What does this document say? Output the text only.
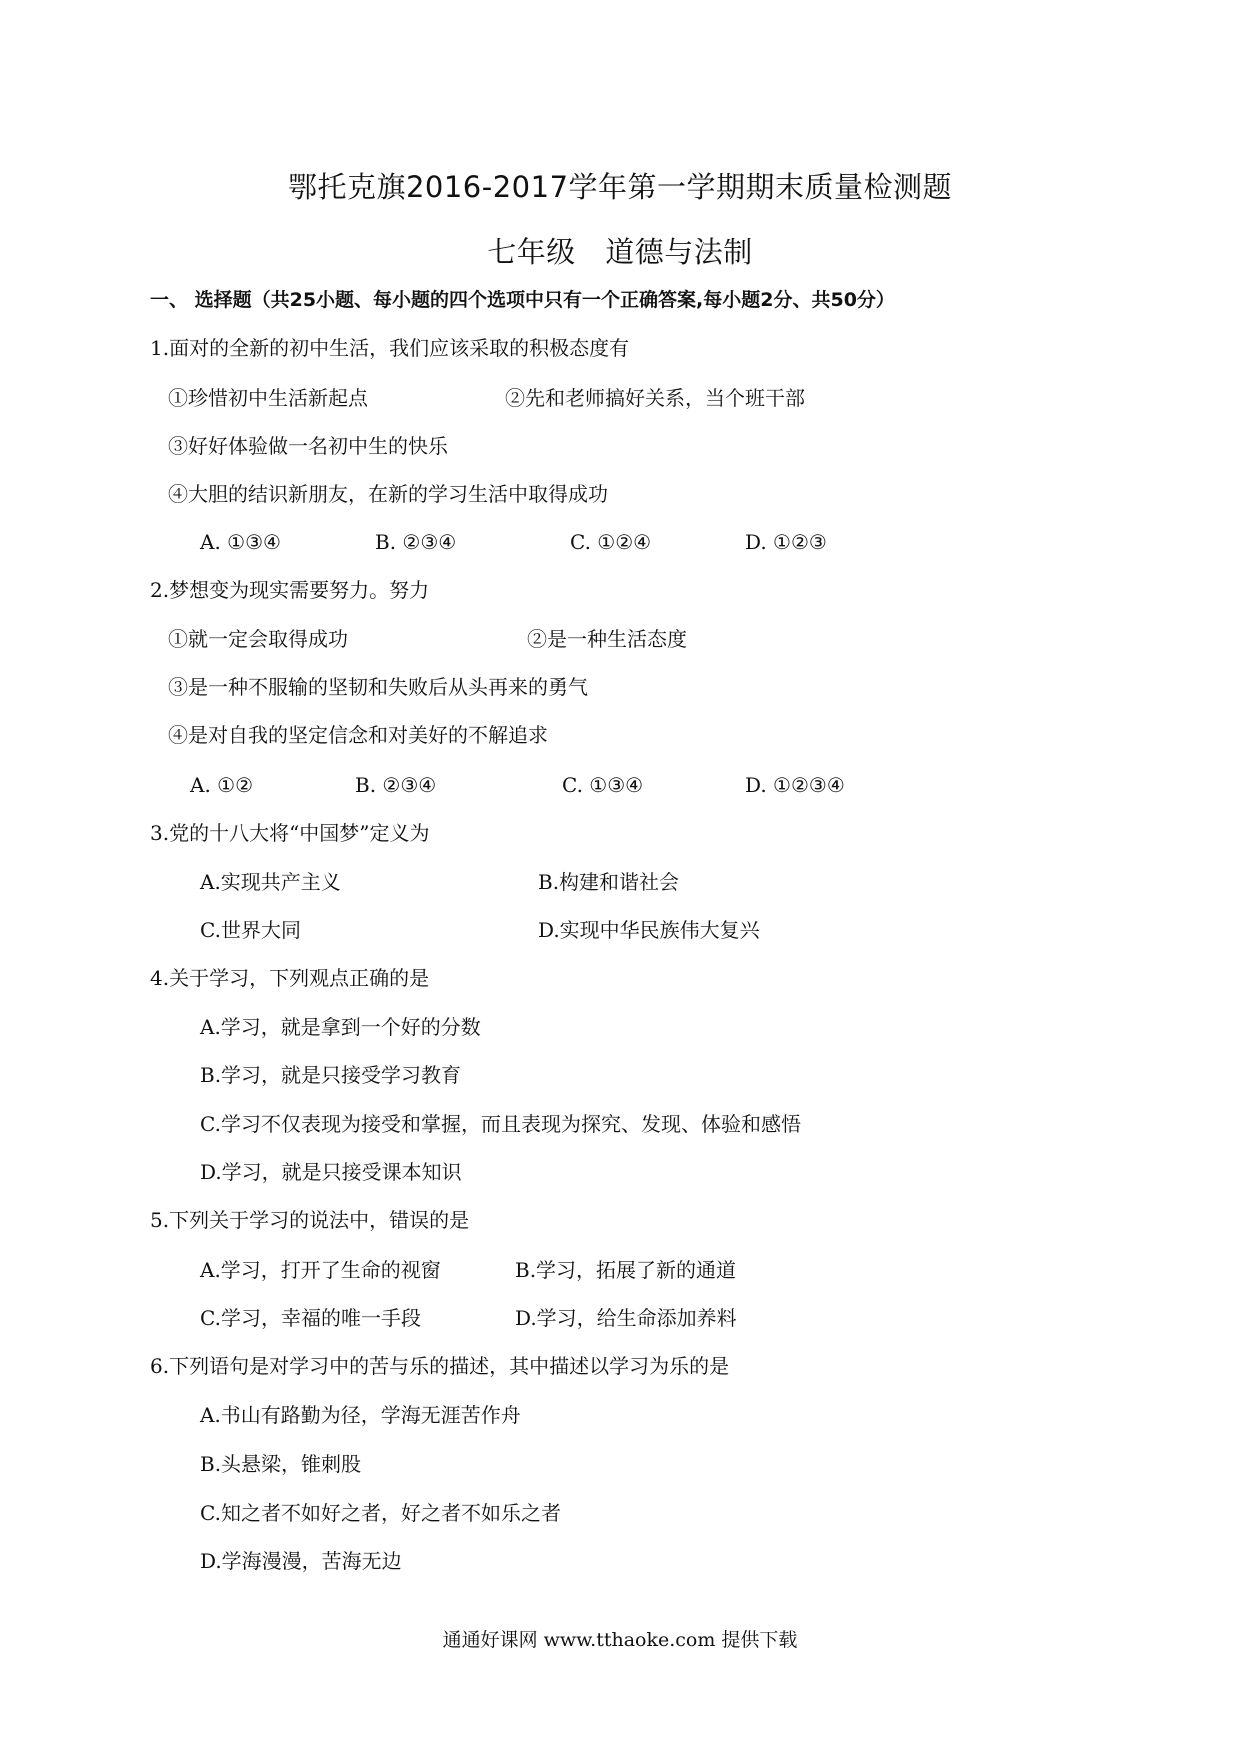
鄂托克旗2016-2017学年第一学期期末质量检测题
七年级　道德与法制
一、 选择题（共25小题、每小题的四个选项中只有一个正确答案,每小题2分、共50分）
1.面对的全新的初中生活，我们应该采取的积极态度有
①珍惜初中生活新起点	②先和老师搞好关系，当个班干部
③好好体验做一名初中生的快乐
④大胆的结识新朋友，在新的学习生活中取得成功
A. ①③④	B. ②③④	C. ①②④	D. ①②③
2.梦想变为现实需要努力。努力
①就一定会取得成功	②是一种生活态度
③是一种不服输的坚韧和失败后从头再来的勇气
④是对自我的坚定信念和对美好的不解追求
A. ①②	B. ②③④	C. ①③④	D. ①②③④
3.党的十八大将“中国梦”定义为
A.实现共产主义	B.构建和谐社会
C.世界大同	D.实现中华民族伟大复兴
4.关于学习，下列观点正确的是
A.学习，就是拿到一个好的分数
B.学习，就是只接受学习教育
C.学习不仅表现为接受和掌握，而且表现为探究、发现、体验和感悟
D.学习，就是只接受课本知识
5.下列关于学习的说法中，错误的是
A.学习，打开了生命的视窗	B.学习，拓展了新的通道
C.学习，幸福的唯一手段	D.学习，给生命添加养料
6.下列语句是对学习中的苦与乐的描述，其中描述以学习为乐的是
A.书山有路勤为径，学海无涯苦作舟
B.头悬梁，锥刺股
C.知之者不如好之者，好之者不如乐之者
D.学海漫漫，苦海无边
通通好课网 www.tthaoke.com 提供下载
